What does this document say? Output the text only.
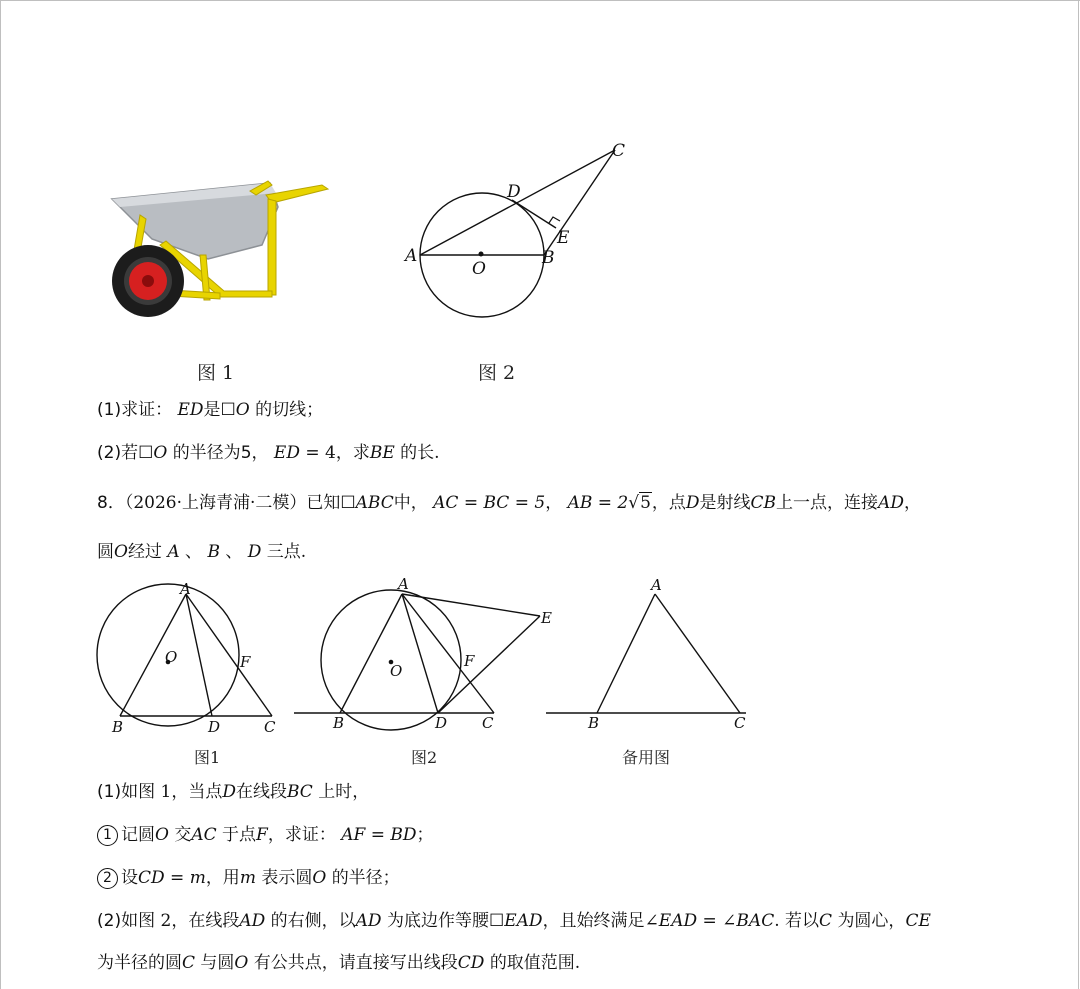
A	B
O
D
E
C
图 1	图 2
(1)求证： ED是☐O 的切线；
(2)若☐O 的半径为5， ED = 4，求BE 的长.
8．（2026·上海青浦·二模）已知☐ABC中， AC = BC = 5， AB = 2√5，点D是射线CB上一点，连接AD，
圆O经过 A 、 B 、 D 三点.
A
B	D	C
F
O
A
B	D C
F
E
O
A
B	C
图1	图2	备用图
(1)如图 1，当点D在线段BC 上时，
1 记圆O 交AC 于点F，求证： AF = BD；
2 设CD = m，用m 表示圆O 的半径；
(2)如图 2，在线段AD 的右侧，以AD 为底边作等腰☐EAD，且始终满足∠EAD = ∠BAC. 若以C 为圆心，CE
为半径的圆C 与圆O 有公共点，请直接写出线段CD 的取值范围.
